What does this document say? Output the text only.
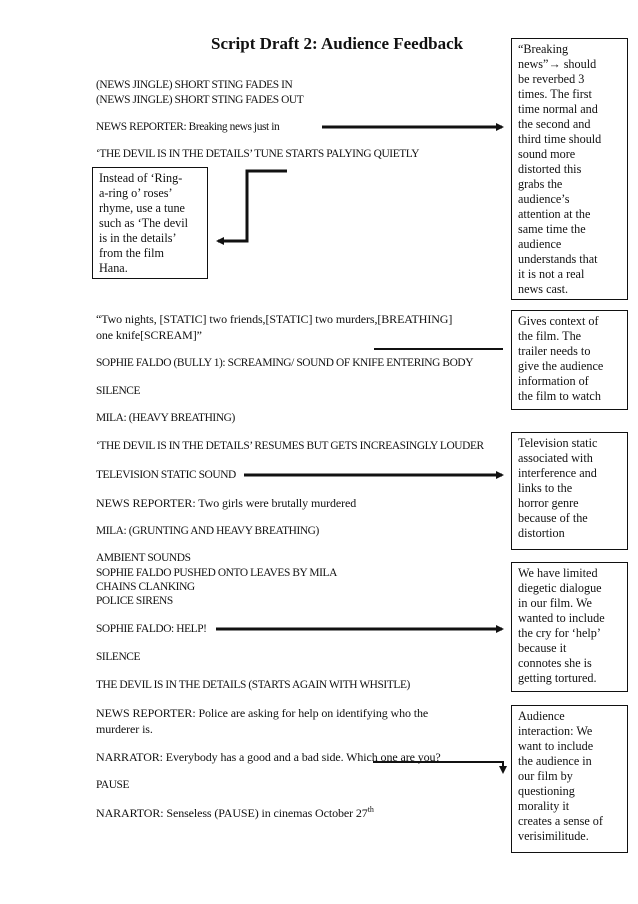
Script Draft 2: Audience Feedback
(NEWS JINGLE) SHORT STING FADES IN
(NEWS JINGLE) SHORT STING FADES OUT
NEWS REPORTER: Breaking news just in
‘THE DEVIL IS IN THE DETAILS’ TUNE STARTS PALYING QUIETLY
“Two nights, [STATIC] two friends,[STATIC] two murders,[BREATHING]
one knife[SCREAM]”
SOPHIE FALDO (BULLY 1): SCREAMING/ SOUND OF KNIFE ENTERING BODY
SILENCE
MILA: (HEAVY BREATHING)
‘THE DEVIL IS IN THE DETAILS’ RESUMES BUT GETS INCREASINGLY LOUDER
TELEVISION STATIC SOUND
NEWS REPORTER: Two girls were brutally murdered
MILA: (GRUNTING AND HEAVY BREATHING)
AMBIENT SOUNDS
SOPHIE FALDO PUSHED ONTO LEAVES BY MILA
CHAINS CLANKING
POLICE SIRENS
SOPHIE FALDO: HELP!
SILENCE
THE DEVIL IS IN THE DETAILS (STARTS AGAIN WITH WHSITLE)
NEWS REPORTER: Police are asking for help on identifying who the
murderer is.
NARRATOR: Everybody has a good and a bad side. Which one are you?
PAUSE
NARARTOR: Senseless (PAUSE) in cinemas October 27th
“Breaking
news”→ should
be reverbed 3
times. The first
time normal and
the second and
third time should
sound more
distorted this
grabs the
audience’s
attention at the
same time the
audience
understands that
it is not a real
news cast.
Instead of ‘Ring-
a-ring o’ roses’
rhyme, use a tune
such as ‘The devil
is in the details’
from the film
Hana.
Gives context of
the film. The
trailer needs to
give the audience
information of
the film to watch
Television static
associated with
interference and
links to the
horror genre
because of the
distortion
We have limited
diegetic dialogue
in our film. We
wanted to include
the cry for ‘help’
because it
connotes she is
getting tortured.
Audience
interaction: We
want to include
the audience in
our film by
questioning
morality it
creates a sense of
verisimilitude.
